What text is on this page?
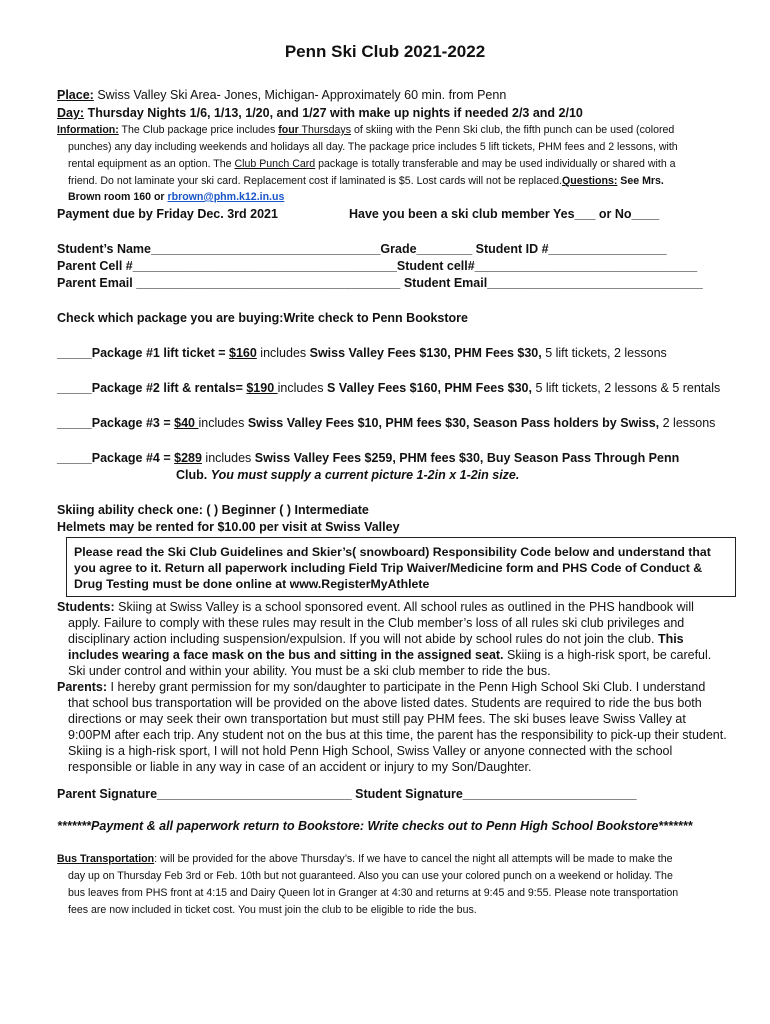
Penn Ski Club 2021-2022
Place: Swiss Valley Ski Area- Jones, Michigan- Approximately 60 min. from Penn
Day: Thursday Nights 1/6, 1/13, 1/20, and 1/27 with make up nights if needed 2/3 and 2/10
Information: The Club package price includes four Thursdays of skiing with the Penn Ski club, the fifth punch can be used (colored
punches) any day including weekends and holidays all day. The package price includes 5 lift tickets, PHM fees and 2 lessons, with
rental equipment as an option. The Club Punch Card package is totally transferable and may be used individually or shared with a
friend. Do not laminate your ski card. Replacement cost if laminated is $5. Lost cards will not be replaced.Questions: See Mrs.
Brown room 160 or rbrown@phm.k12.in.us
Payment due by Friday Dec. 3rd 2021	Have you been a ski club member Yes___ or No____
Student’s Name_________________________________Grade________ Student ID #_________________
Parent Cell #______________________________________Student cell#________________________________
Parent Email ______________________________________ Student Email_______________________________
Check which package you are buying:Write check to Penn Bookstore
_____Package #1 lift ticket = $160 includes Swiss Valley Fees $130, PHM Fees $30, 5 lift tickets, 2 lessons
_____Package #2 lift & rentals= $190 includes S Valley Fees $160, PHM Fees $30, 5 lift tickets, 2 lessons & 5 rentals
_____Package #3 = $40 includes Swiss Valley Fees $10, PHM fees $30, Season Pass holders by Swiss, 2 lessons
_____Package #4 = $289 includes Swiss Valley Fees $259, PHM fees $30, Buy Season Pass Through Penn
Club. You must supply a current picture 1-2in x 1-2in size.
Skiing ability check one: ( ) Beginner ( ) Intermediate
Helmets may be rented for $10.00 per visit at Swiss Valley
Please read the Ski Club Guidelines and Skier’s( snowboard) Responsibility Code below and understand that
you agree to it. Return all paperwork including Field Trip Waiver/Medicine form and PHS Code of Conduct &
Drug Testing must be done online at www.RegisterMyAthlete
Students: Skiing at Swiss Valley is a school sponsored event. All school rules as outlined in the PHS handbook will
apply. Failure to comply with these rules may result in the Club member’s loss of all rules ski club privileges and
disciplinary action including suspension/expulsion. If you will not abide by school rules do not join the club. This
includes wearing a face mask on the bus and sitting in the assigned seat. Skiing is a high-risk sport, be careful.
Ski under control and within your ability. You must be a ski club member to ride the bus.
Parents: I hereby grant permission for my son/daughter to participate in the Penn High School Ski Club. I understand
that school bus transportation will be provided on the above listed dates. Students are required to ride the bus both
directions or may seek their own transportation but must still pay PHM fees. The ski buses leave Swiss Valley at
9:00PM after each trip. Any student not on the bus at this time, the parent has the responsibility to pick-up their student.
Skiing is a high-risk sport, I will not hold Penn High School, Swiss Valley or anyone connected with the school
responsible or liable in any way in case of an accident or injury to my Son/Daughter.
Parent Signature____________________________ Student Signature_________________________
*******Payment & all paperwork return to Bookstore: Write checks out to Penn High School Bookstore*******
Bus Transportation: will be provided for the above Thursday’s. If we have to cancel the night all attempts will be made to make the
day up on Thursday Feb 3rd or Feb. 10th but not guaranteed. Also you can use your colored punch on a weekend or holiday. The
bus leaves from PHS front at 4:15 and Dairy Queen lot in Granger at 4:30 and returns at 9:45 and 9:55. Please note transportation
fees are now included in ticket cost. You must join the club to be eligible to ride the bus.
